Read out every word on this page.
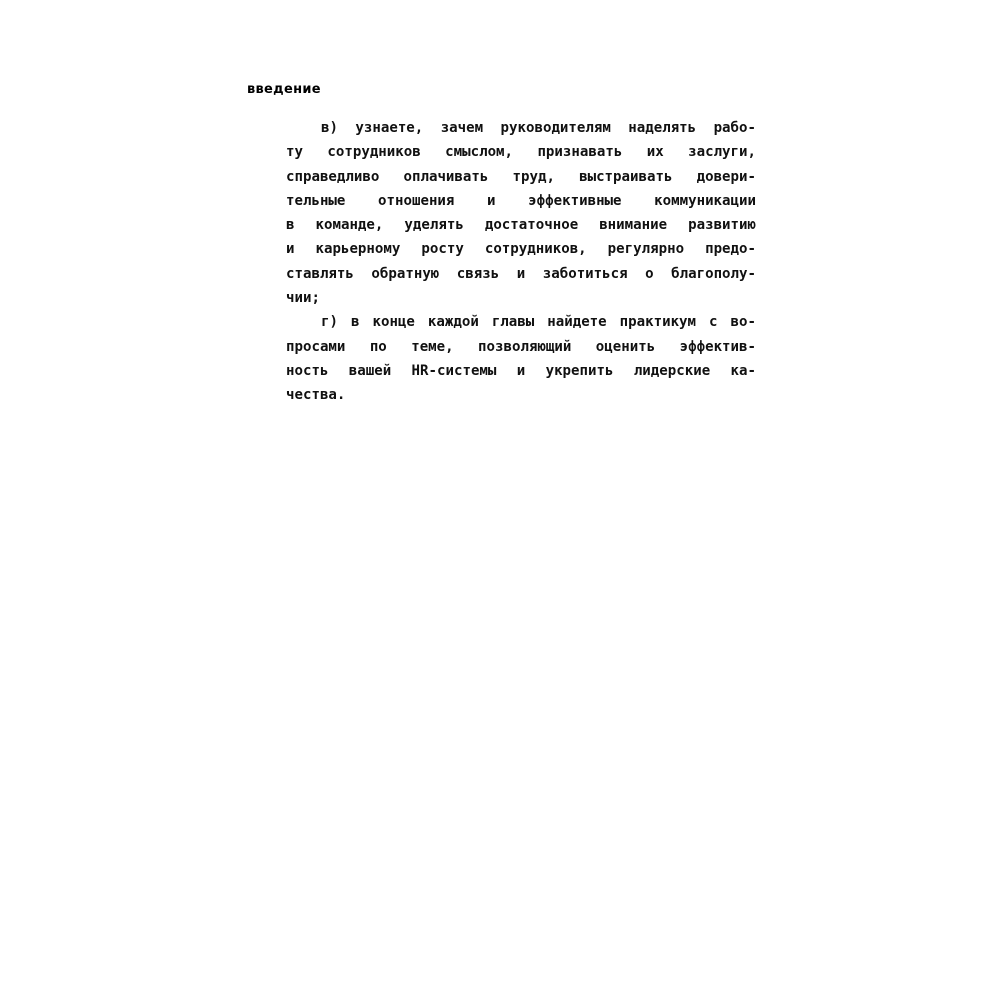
введение
в) узнаете, зачем руководителям наделять рабо-
ту сотрудников смыслом, признавать их заслуги,
справедливо оплачивать труд, выстраивать довери-
тельные отношения и эффективные коммуникации
в команде, уделять достаточное внимание развитию
и карьерному росту сотрудников, регулярно предо-
ставлять обратную связь и заботиться о благополу-
чии;
г) в конце каждой главы найдете практикум с во-
просами по теме, позволяющий оценить эффектив-
ность вашей HR-системы и укрепить лидерские ка-
чества.
